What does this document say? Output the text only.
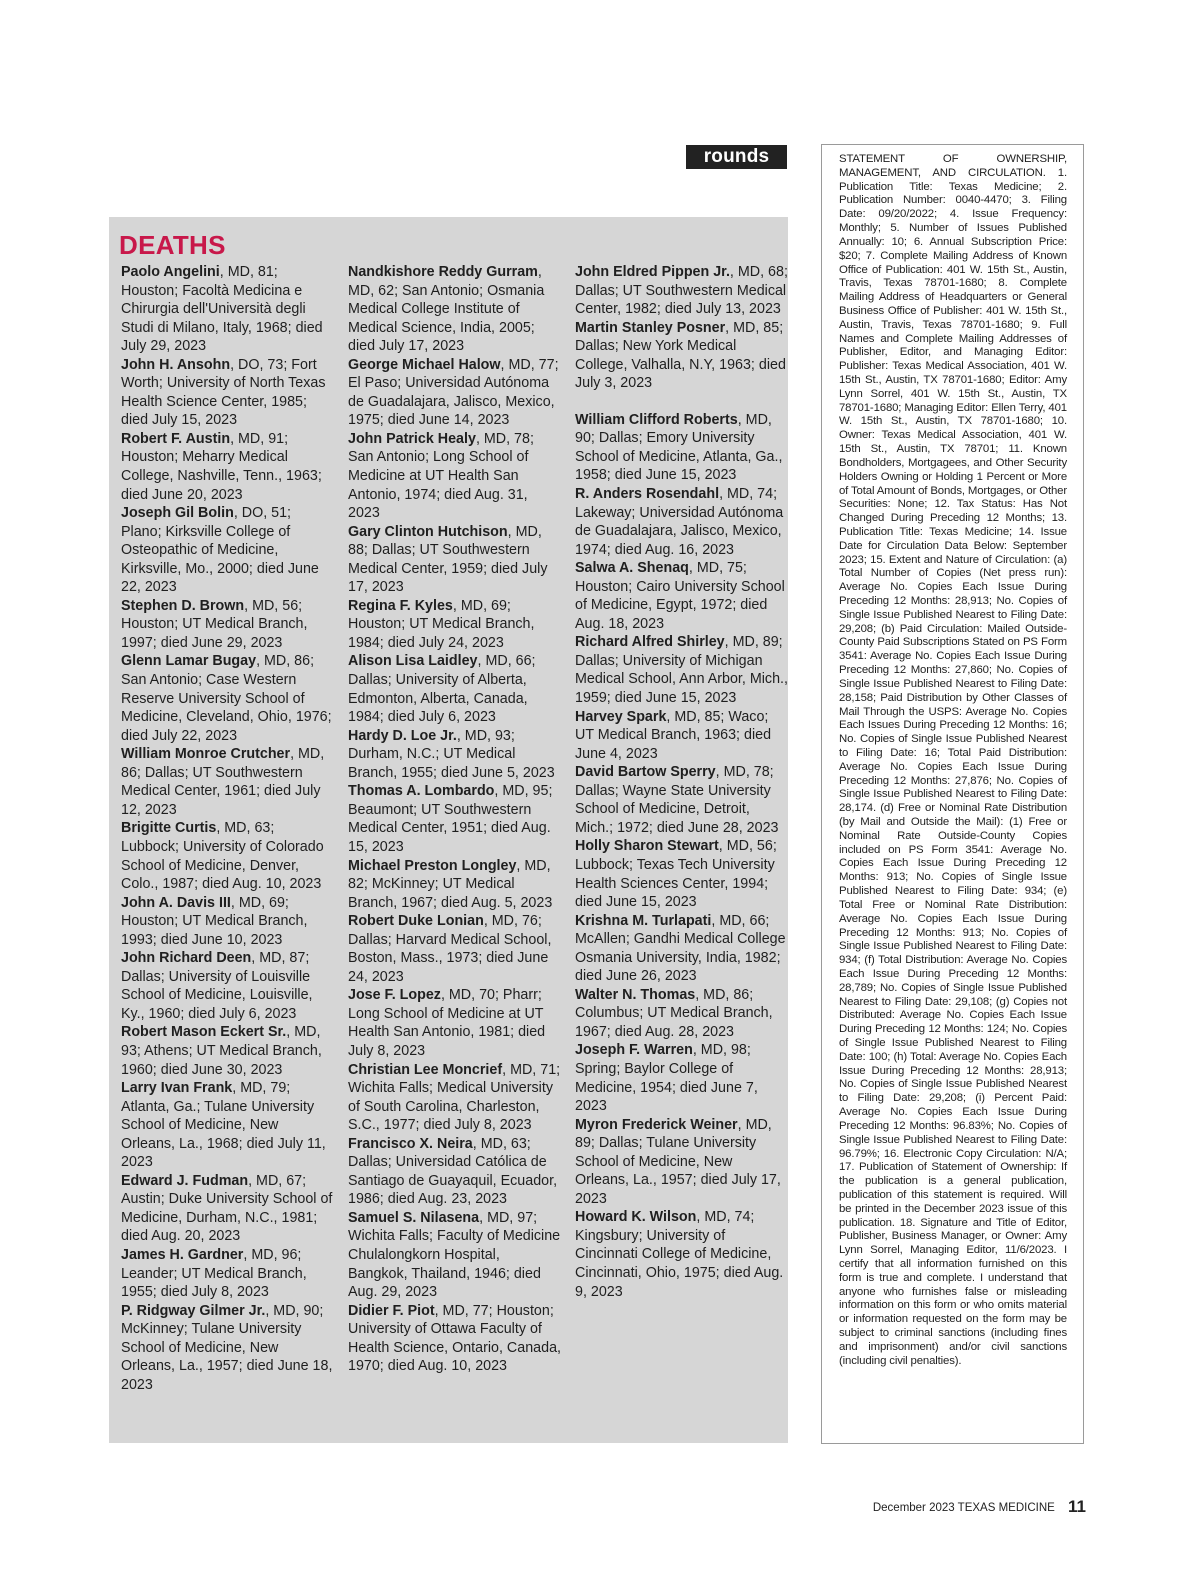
rounds
DEATHS

Paolo Angelini, MD, 81; Houston; Facoltà Medicina e Chirurgia dell'Università degli Studi di Milano, Italy, 1968; died July 29, 2023

John H. Ansohn, DO, 73; Fort Worth; University of North Texas Health Science Center, 1985; died July 15, 2023

Robert F. Austin, MD, 91; Houston; Meharry Medical College, Nashville, Tenn., 1963; died June 20, 2023

Joseph Gil Bolin, DO, 51; Plano; Kirksville College of Osteopathic of Medicine, Kirksville, Mo., 2000; died June 22, 2023

Stephen D. Brown, MD, 56; Houston; UT Medical Branch, 1997; died June 29, 2023

Glenn Lamar Bugay, MD, 86; San Antonio; Case Western Reserve University School of Medicine, Cleveland, Ohio, 1976; died July 22, 2023

William Monroe Crutcher, MD, 86; Dallas; UT Southwestern Medical Center, 1961; died July 12, 2023

Brigitte Curtis, MD, 63; Lubbock; University of Colorado School of Medicine, Denver, Colo., 1987; died Aug. 10, 2023

John A. Davis III, MD, 69; Houston; UT Medical Branch, 1993; died June 10, 2023

John Richard Deen, MD, 87; Dallas; University of Louisville School of Medicine, Louisville, Ky., 1960; died July 6, 2023

Robert Mason Eckert Sr., MD, 93; Athens; UT Medical Branch, 1960; died June 30, 2023

Larry Ivan Frank, MD, 79; Atlanta, Ga.; Tulane University School of Medicine, New Orleans, La., 1968; died July 11, 2023

Edward J. Fudman, MD, 67; Austin; Duke University School of Medicine, Durham, N.C., 1981; died Aug. 20, 2023

James H. Gardner, MD, 96; Leander; UT Medical Branch, 1955; died July 8, 2023

P. Ridgway Gilmer Jr., MD, 90; McKinney; Tulane University School of Medicine, New Orleans, La., 1957; died June 18, 2023

Nandkishore Reddy Gurram, MD, 62; San Antonio; Osmania Medical College Institute of Medical Science, India, 2005; died July 17, 2023

George Michael Halow, MD, 77; El Paso; Universidad Autónoma de Guadalajara, Jalisco, Mexico, 1975; died June 14, 2023

John Patrick Healy, MD, 78; San Antonio; Long School of Medicine at UT Health San Antonio, 1974; died Aug. 31, 2023

Gary Clinton Hutchison, MD, 88; Dallas; UT Southwestern Medical Center, 1959; died July 17, 2023

Regina F. Kyles, MD, 69; Houston; UT Medical Branch, 1984; died July 24, 2023

Alison Lisa Laidley, MD, 66; Dallas; University of Alberta, Edmonton, Alberta, Canada, 1984; died July 6, 2023

Hardy D. Loe Jr., MD, 93; Durham, N.C.; UT Medical Branch, 1955; died June 5, 2023

Thomas A. Lombardo, MD, 95; Beaumont; UT Southwestern Medical Center, 1951; died Aug. 15, 2023

Michael Preston Longley, MD, 82; McKinney; UT Medical Branch, 1967; died Aug. 5, 2023

Robert Duke Lonian, MD, 76; Dallas; Harvard Medical School, Boston, Mass., 1973; died June 24, 2023

Jose F. Lopez, MD, 70; Pharr; Long School of Medicine at UT Health San Antonio, 1981; died July 8, 2023

Christian Lee Moncrief, MD, 71; Wichita Falls; Medical University of South Carolina, Charleston, S.C., 1977; died July 8, 2023

Francisco X. Neira, MD, 63; Dallas; Universidad Católica de Santiago de Guayaquil, Ecuador, 1986; died Aug. 23, 2023

Samuel S. Nilasena, MD, 97; Wichita Falls; Faculty of Medicine Chulalongkorn Hospital, Bangkok, Thailand, 1946; died Aug. 29, 2023

Didier F. Piot, MD, 77; Houston; University of Ottawa Faculty of Health Science, Ontario, Canada, 1970; died Aug. 10, 2023

John Eldred Pippen Jr., MD, 68; Dallas; UT Southwestern Medical Center, 1982; died July 13, 2023

Martin Stanley Posner, MD, 85; Dallas; New York Medical College, Valhalla, N.Y, 1963; died July 3, 2023

William Clifford Roberts, MD, 90; Dallas; Emory University School of Medicine, Atlanta, Ga., 1958; died June 15, 2023

R. Anders Rosendahl, MD, 74; Lakeway; Universidad Autónoma de Guadalajara, Jalisco, Mexico, 1974; died Aug. 16, 2023

Salwa A. Shenaq, MD, 75; Houston; Cairo University School of Medicine, Egypt, 1972; died Aug. 18, 2023

Richard Alfred Shirley, MD, 89; Dallas; University of Michigan Medical School, Ann Arbor, Mich., 1959; died June 15, 2023

Harvey Spark, MD, 85; Waco; UT Medical Branch, 1963; died June 4, 2023

David Bartow Sperry, MD, 78; Dallas; Wayne State University School of Medicine, Detroit, Mich.; 1972; died June 28, 2023

Holly Sharon Stewart, MD, 56; Lubbock; Texas Tech University Health Sciences Center, 1994; died June 15, 2023

Krishna M. Turlapati, MD, 66; McAllen; Gandhi Medical College Osmania University, India, 1982; died June 26, 2023

Walter N. Thomas, MD, 86; Columbus; UT Medical Branch, 1967; died Aug. 28, 2023

Joseph F. Warren, MD, 98; Spring; Baylor College of Medicine, 1954; died June 7, 2023

Myron Frederick Weiner, MD, 89; Dallas; Tulane University School of Medicine, New Orleans, La., 1957; died July 17, 2023

Howard K. Wilson, MD, 74; Kingsbury; University of Cincinnati College of Medicine, Cincinnati, Ohio, 1975; died Aug. 9, 2023

STATEMENT OF OWNERSHIP, MANAGEMENT, AND CIRCULATION. 1. Publication Title: Texas Medicine; 2. Publication Number: 0040-4470; 3. Filing Date: 09/20/2022; 4. Issue Frequency: Monthly; 5. Number of Issues Published Annually: 10; 6. Annual Subscription Price: $20; 7. Complete Mailing Address of Known Office of Publication: 401 W. 15th St., Austin, Travis, Texas 78701-1680; 8. Complete Mailing Address of Headquarters or General Business Office of Publisher: 401 W. 15th St., Austin, Travis, Texas 78701-1680; 9. Full Names and Complete Mailing Addresses of Publisher, Editor, and Managing Editor: Publisher: Texas Medical Association, 401 W. 15th St., Austin, TX 78701-1680; Editor: Amy Lynn Sorrel, 401 W. 15th St., Austin, TX 78701-1680; Managing Editor: Ellen Terry, 401 W. 15th St., Austin, TX 78701-1680; 10. Owner: Texas Medical Association, 401 W. 15th St., Austin, TX 78701; 11. Known Bondholders, Mortgagees, and Other Security Holders Owning or Holding 1 Percent or More of Total Amount of Bonds, Mortgages, or Other Securities: None; 12. Tax Status: Has Not Changed During Preceding 12 Months; 13. Publication Title: Texas Medicine; 14. Issue Date for Circulation Data Below: September 2023; 15. Extent and Nature of Circulation: (a) Total Number of Copies (Net press run): Average No. Copies Each Issue During Preceding 12 Months: 28,913; No. Copies of Single Issue Published Nearest to Filing Date: 29,208; (b) Paid Circulation: Mailed Outside-County Paid Subscriptions Stated on PS Form 3541: Average No. Copies Each Issue During Preceding 12 Months: 27,860; No. Copies of Single Issue Published Nearest to Filing Date: 28,158; Paid Distribution by Other Classes of Mail Through the USPS: Average No. Copies Each Issues During Preceding 12 Months: 16; No. Copies of Single Issue Published Nearest to Filing Date: 16; Total Paid Distribution: Average No. Copies Each Issue During Preceding 12 Months: 27,876; No. Copies of Single Issue Published Nearest to Filing Date: 28,174. (d) Free or Nominal Rate Distribution (by Mail and Outside the Mail): (1) Free or Nominal Rate Outside-County Copies included on PS Form 3541: Average No. Copies Each Issue During Preceding 12 Months: 913; No. Copies of Single Issue Published Nearest to Filing Date: 934; (e) Total Free or Nominal Rate Distribution: Average No. Copies Each Issue During Preceding 12 Months: 913; No. Copies of Single Issue Published Nearest to Filing Date: 934; (f) Total Distribution: Average No. Copies Each Issue During Preceding 12 Months: 28,789; No. Copies of Single Issue Published Nearest to Filing Date: 29,108; (g) Copies not Distributed: Average No. Copies Each Issue During Preceding 12 Months: 124; No. Copies of Single Issue Published Nearest to Filing Date: 100; (h) Total: Average No. Copies Each Issue During Preceding 12 Months: 28,913; No. Copies of Single Issue Published Nearest to Filing Date: 29,208; (i) Percent Paid: Average No. Copies Each Issue During Preceding 12 Months: 96.83%; No. Copies of Single Issue Published Nearest to Filing Date: 96.79%; 16. Electronic Copy Circulation: N/A; 17. Publication of Statement of Ownership: If the publication is a general publication, publication of this statement is required. Will be printed in the December 2023 issue of this publication. 18. Signature and Title of Editor, Publisher, Business Manager, or Owner: Amy Lynn Sorrel, Managing Editor, 11/6/2023. I certify that all information furnished on this form is true and complete. I understand that anyone who furnishes false or misleading information on this form or who omits material or information requested on the form may be subject to criminal sanctions (including fines and imprisonment) and/or civil sanctions (including civil penalties).
December 2023 TEXAS MEDICINE 11
